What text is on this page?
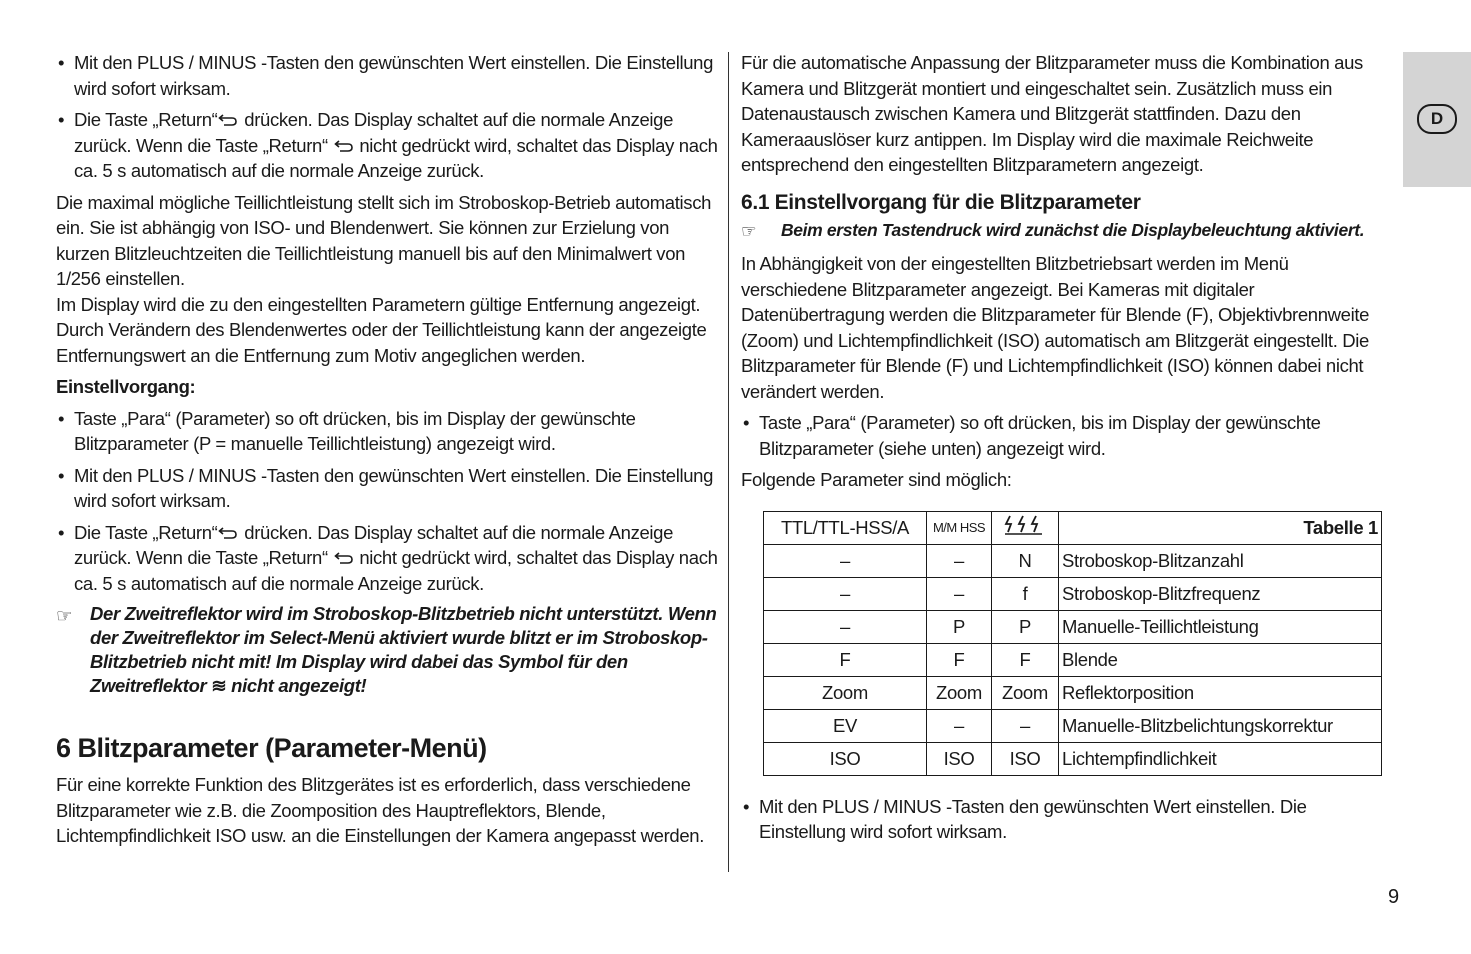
D
• Mit den PLUS / MINUS -Tasten den gewünschten Wert einstellen. Die Einstellung wird sofort wirksam.
• Die Taste „Return“ drücken. Das Display schaltet auf die normale Anzeige zurück. Wenn die Taste „Return“  nicht gedrückt wird, schaltet das Display nach ca. 5 s automatisch auf die normale Anzeige zurück.

Die maximal mögliche Teillichtleistung stellt sich im Stroboskop-Betrieb automatisch ein. Sie ist abhängig von ISO- und Blendenwert. Sie können zur Erzielung von kurzen Blitzleuchtzeiten die Teillichtleistung manuell bis auf den Minimalwert von 1/256 einstellen.

Im Display wird die zu den eingestellten Parametern gültige Entfernung angezeigt. Durch Verändern des Blendenwertes oder der Teillichtleistung kann der angezeigte Entfernungswert an die Entfernung zum Motiv angeglichen werden.

Einstellvorgang:
• Taste „Para“ (Parameter) so oft drücken, bis im Display der gewünschte Blitzparameter (P = manuelle Teillichtleistung) angezeigt wird.
• Mit den PLUS / MINUS -Tasten den gewünschten Wert einstellen. Die Einstellung wird sofort wirksam.
• Die Taste „Return“ drücken. Das Display schaltet auf die normale Anzeige zurück. Wenn die Taste „Return“  nicht gedrückt wird, schaltet das Display nach ca. 5 s automatisch auf die normale Anzeige zurück.
☞ Der Zweitreflektor wird im Stroboskop-Blitzbetrieb nicht unterstützt. Wenn der Zweitreflektor im Select-Menü aktiviert wurde blitzt er im Stroboskop-Blitzbetrieb nicht mit! Im Display wird dabei das Symbol für den Zweitreflektor ≋ nicht angezeigt!
6 Blitzparameter (Parameter-Menü)

Für eine korrekte Funktion des Blitzgerätes ist es erforderlich, dass verschiedene Blitzparameter wie z.B. die Zoomposition des Hauptreflektors, Blende, Lichtempfindlichkeit ISO usw. an die Einstellungen der Kamera angepasst werden.

Für die automatische Anpassung der Blitzparameter muss die Kombination aus Kamera und Blitzgerät montiert und eingeschaltet sein. Zusätzlich muss ein Datenaustausch zwischen Kamera und Blitzgerät stattfinden. Dazu den Kameraauslöser kurz antippen. Im Display wird die maximale Reichweite entsprechend den eingestellten Blitzparametern angezeigt.

6.1 Einstellvorgang für die Blitzparameter
☞ Beim ersten Tastendruck wird zunächst die Displaybeleuchtung aktiviert.

In Abhängigkeit von der eingestellten Blitzbetriebsart werden im Menü verschiedene Blitzparameter angezeigt. Bei Kameras mit digitaler Datenübertragung werden die Blitzparameter für Blende (F), Objektivbrennweite (Zoom) und Lichtempfindlichkeit (ISO) automatisch am Blitzgerät eingestellt. Die Blitzparameter für Blende (F) und Lichtempfindlichkeit (ISO) können dabei nicht verändert werden.

• Taste „Para“ (Parameter) so oft drücken, bis im Display der gewünschte Blitzparameter (siehe unten) angezeigt wird.

Folgende Parameter sind möglich:

TTL/TTL-HSS/A	M/M HSS		Tabelle 1
–	–	N	Stroboskop-Blitzanzahl
–	–	f	Stroboskop-Blitzfrequenz
–	P	P	Manuelle-Teillichtleistung
F	F	F	Blende
Zoom	Zoom	Zoom	Reflektorposition
EV	–	–	Manuelle-Blitzbelichtungskorrektur
ISO	ISO	ISO	Lichtempfindlichkeit
• Mit den PLUS / MINUS -Tasten den gewünschten Wert einstellen. Die Einstellung wird sofort wirksam.
9
